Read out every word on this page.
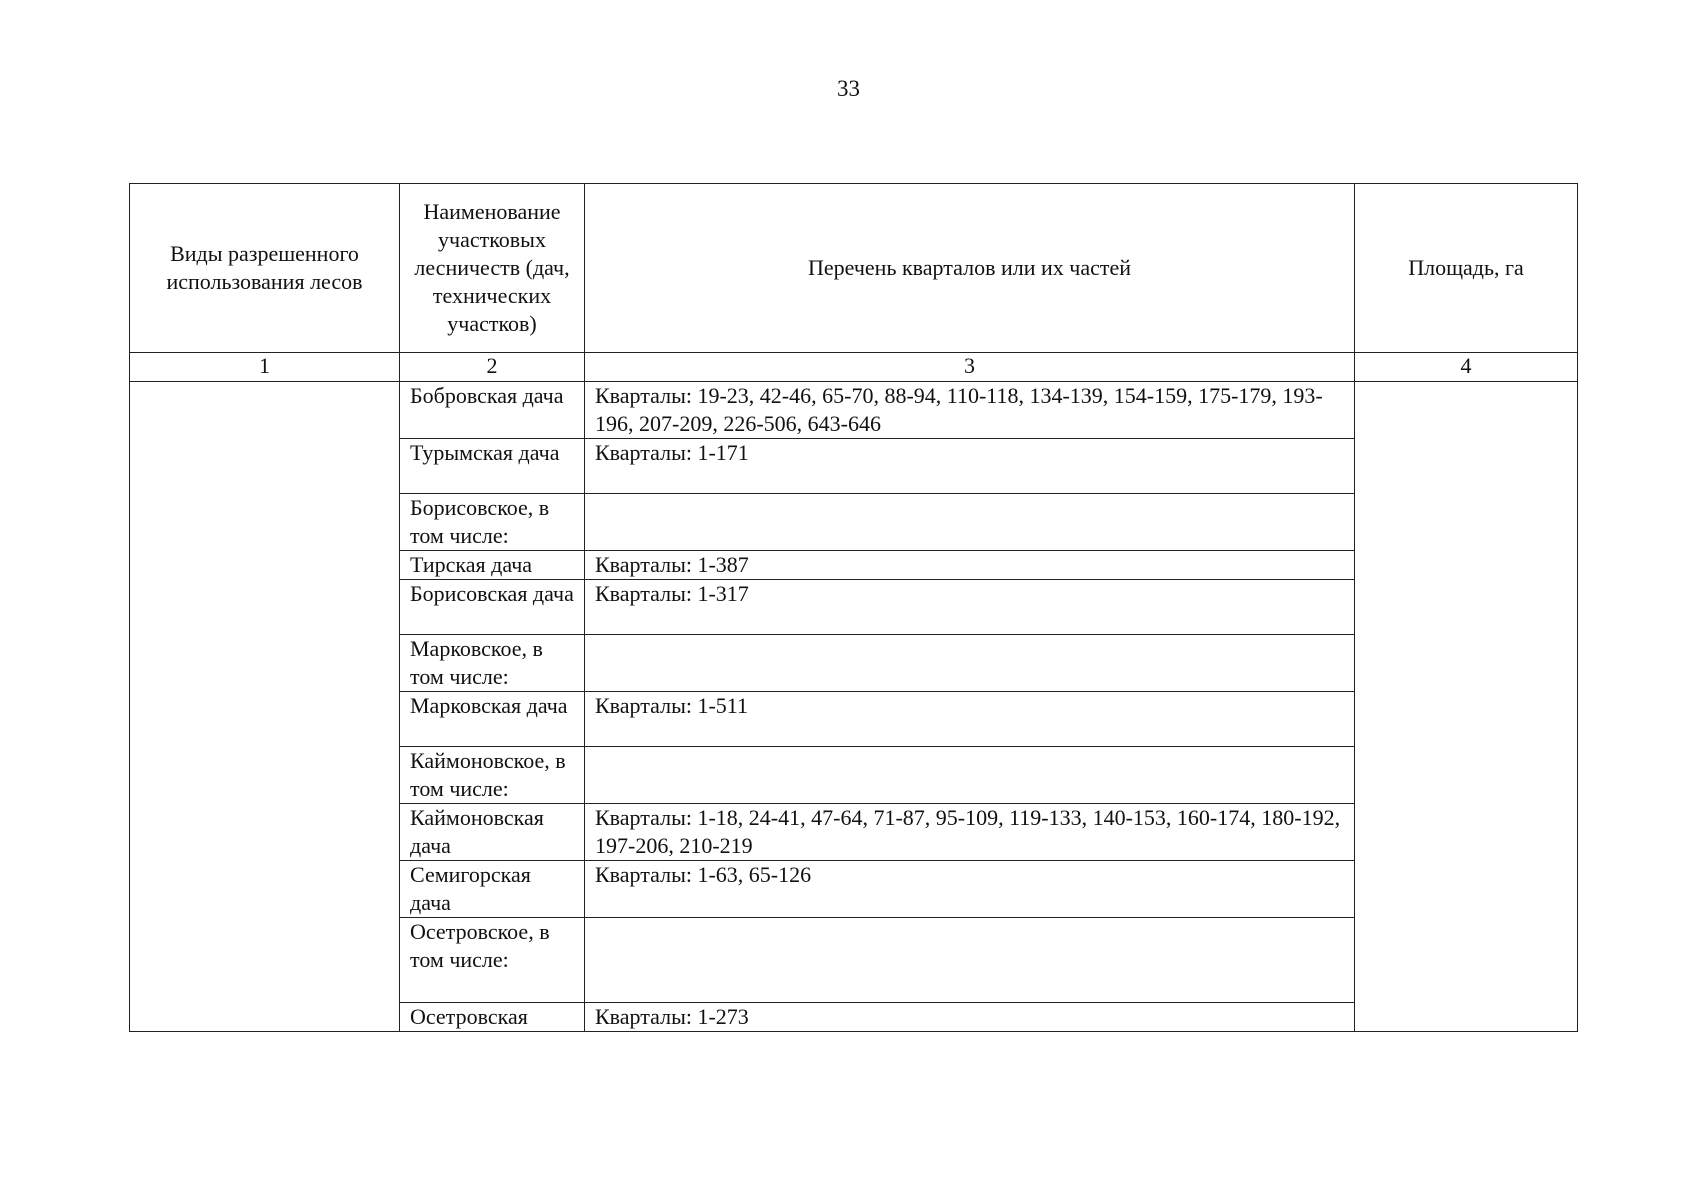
33
Виды разрешенного использования лесов	Наименование участковых лесничеств (дач, технических участков)	Перечень кварталов или их частей	Площадь, га
1	2	3	4
	Бобровская дача	Кварталы: 19-23, 42-46, 65-70, 88-94, 110-118, 134-139, 154-159, 175-179, 193-196, 207-209, 226-506, 643-646	
	Турымская дача	Кварталы: 1-171	
	Борисовское, в том числе:		
	Тирская дача	Кварталы: 1-387	
	Борисовская дача	Кварталы: 1-317	
	Марковское, в том числе:		
	Марковская дача	Кварталы: 1-511	
	Каймоновское, в том числе:		
	Каймоновская дача	Кварталы: 1-18, 24-41, 47-64, 71-87, 95-109, 119-133, 140-153, 160-174, 180-192, 197-206, 210-219	
	Семигорская дача	Кварталы: 1-63, 65-126	
	Осетровское, в том числе:		
	Осетровская	Кварталы: 1-273	
